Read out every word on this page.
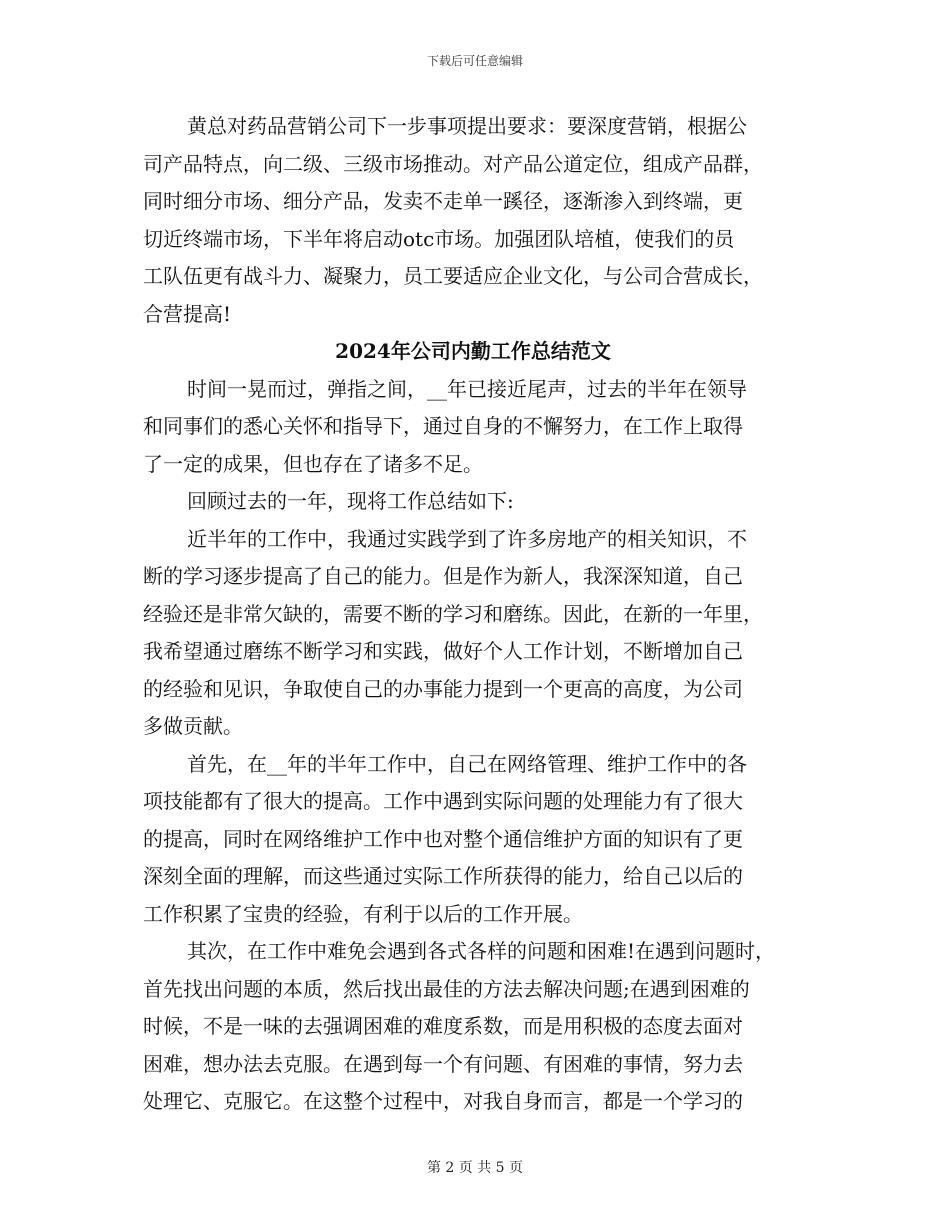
下载后可任意编辑
黄总对药品营销公司下一步事项提出要求：要深度营销，根据公
司产品特点，向二级、三级市场推动。对产品公道定位，组成产品群，
同时细分市场、细分产品，发卖不走单一蹊径，逐渐渗入到终端，更
切近终端市场，下半年将启动otc市场。加强团队培植，使我们的员
工队伍更有战斗力、凝聚力，员工要适应企业文化，与公司合营成长，
合营提高!
2024年公司内勤工作总结范文
时间一晃而过，弹指之间，__年已接近尾声，过去的半年在领导
和同事们的悉心关怀和指导下，通过自身的不懈努力，在工作上取得
了一定的成果，但也存在了诸多不足。
回顾过去的一年，现将工作总结如下:
近半年的工作中，我通过实践学到了许多房地产的相关知识，不
断的学习逐步提高了自己的能力。但是作为新人，我深深知道，自己
经验还是非常欠缺的，需要不断的学习和磨练。因此，在新的一年里，
我希望通过磨练不断学习和实践，做好个人工作计划，不断增加自己
的经验和见识，争取使自己的办事能力提到一个更高的高度，为公司
多做贡献。
首先，在__年的半年工作中，自己在网络管理、维护工作中的各
项技能都有了很大的提高。工作中遇到实际问题的处理能力有了很大
的提高，同时在网络维护工作中也对整个通信维护方面的知识有了更
深刻全面的理解，而这些通过实际工作所获得的能力，给自己以后的
工作积累了宝贵的经验，有利于以后的工作开展。
其次，在工作中难免会遇到各式各样的问题和困难!在遇到问题时，
首先找出问题的本质，然后找出最佳的方法去解决问题;在遇到困难的
时候，不是一味的去强调困难的难度系数，而是用积极的态度去面对
困难，想办法去克服。在遇到每一个有问题、有困难的事情，努力去
处理它、克服它。在这整个过程中，对我自身而言，都是一个学习的
第 2 页 共 5 页
